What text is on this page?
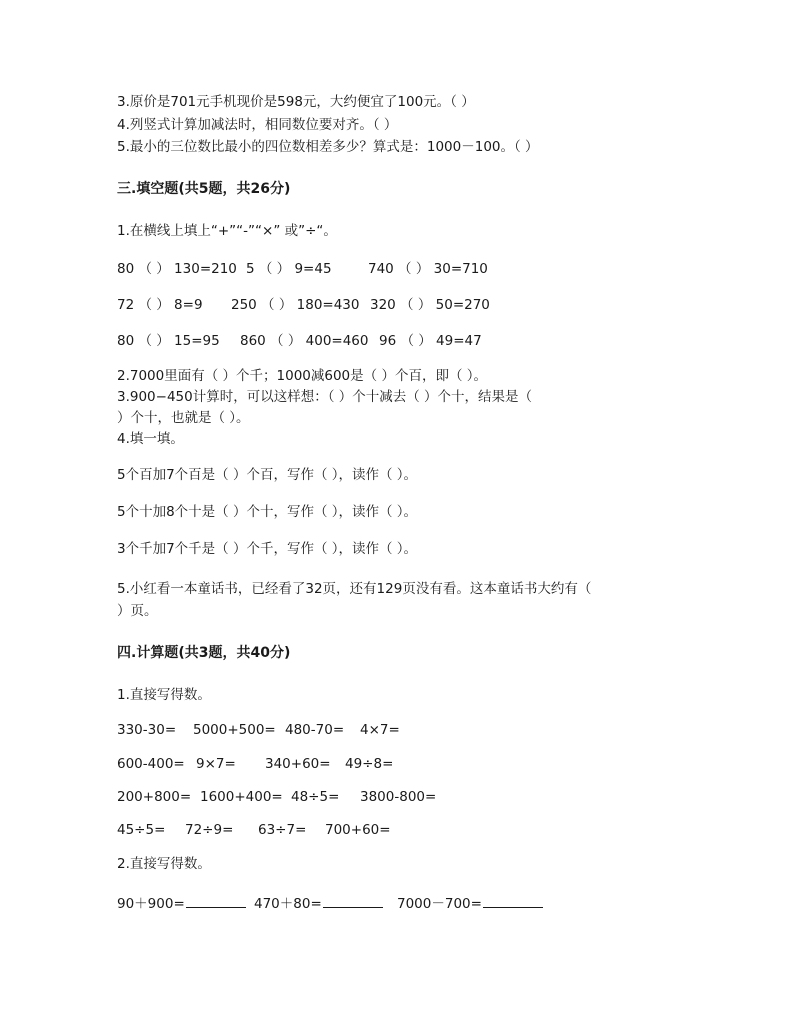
3.原价是701元手机现价是598元，大约便宜了100元。（ ）
4.列竖式计算加减法时，相同数位要对齐。（ ）
5.最小的三位数比最小的四位数相差多少？算式是：1000－100。（ ）
三.填空题(共5题，共26分)
1.在横线上填上“+”“-”“×” 或”÷“。
80 （ ） 130=210 5 （ ） 9=45	740 （ ） 30=710
72 （ ） 8=9 250 （ ） 180=430 320 （ ） 50=270
80 （ ） 15=95 860 （ ） 400=460 96 （ ） 49=47
2.7000里面有（ ）个千；1000减600是（ ）个百，即（ ）。
3.900−450计算时，可以这样想：（ ）个十减去（ ）个十，结果是（
）个十，也就是（ ）。
4.填一填。
5个百加7个百是（ ）个百，写作（ ），读作（ ）。
5个十加8个十是（ ）个十，写作（ ），读作（ ）。
3个千加7个千是（ ）个千，写作（ ），读作（ ）。
5.小红看一本童话书，已经看了32页，还有129页没有看。这本童话书大约有（
）页。
四.计算题(共3题，共40分)
1.直接写得数。
330-30= 5000+500= 480-70= 4×7=
600-400= 9×7= 340+60= 49÷8=
200+800= 1600+400= 48÷5= 3800-800=
45÷5= 72÷9= 63÷7= 700+60=
2.直接写得数。
90＋900=	470＋80=	7000－700=
